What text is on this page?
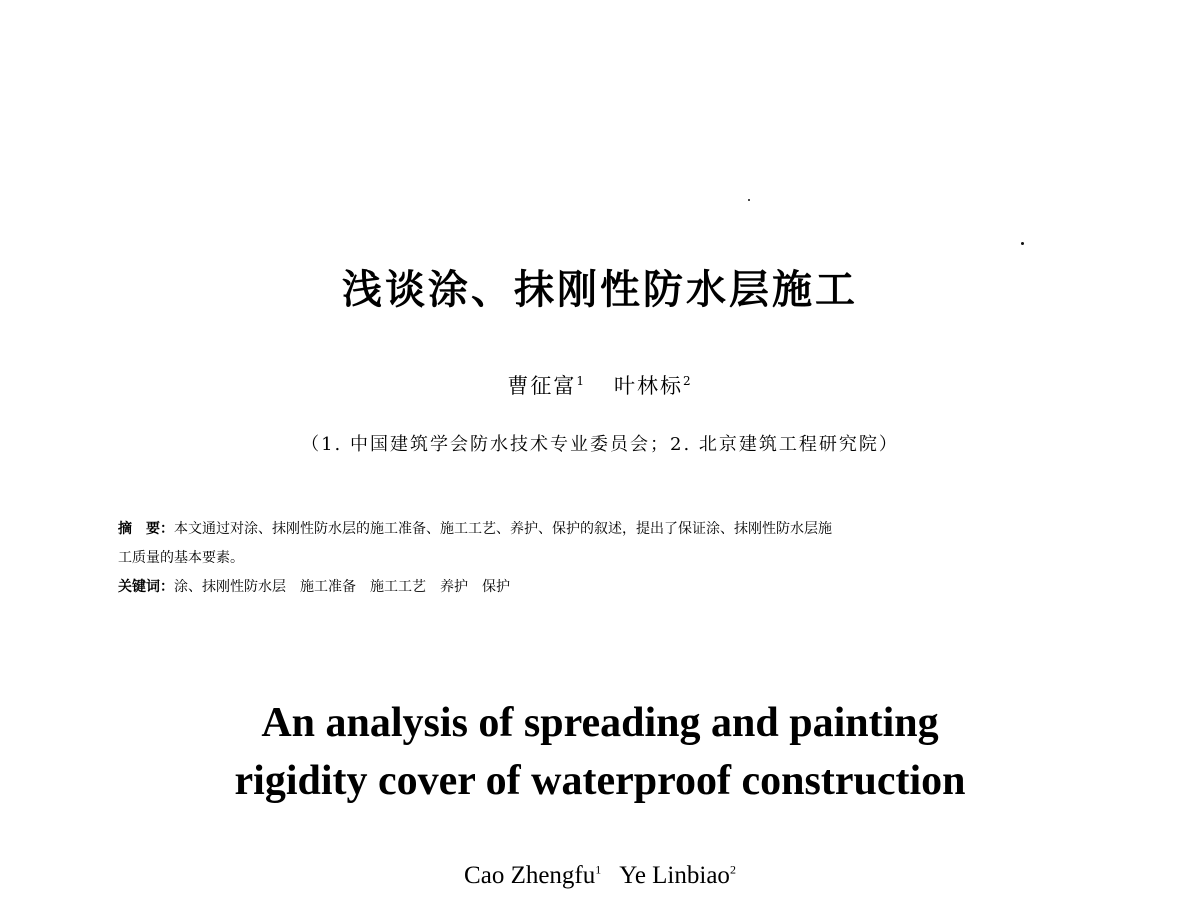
浅谈涂、抹刚性防水层施工
曹征富$^1$ 叶林标$^2$
（1. 中国建筑学会防水技术专业委员会；2. 北京建筑工程研究院）
摘　要：本文通过对涂、抹刚性防水层的施工准备、施工工艺、养护、保护的叙述，提出了保证涂、抹刚性防水层施
工质量的基本要素。
关键词：涂、抹刚性防水层 施工准备 施工工艺 养护 保护
An analysis of spreading and painting
rigidity cover of waterproof construction
Cao Zhengfu$^1$ Ye Linbiao$^2$
